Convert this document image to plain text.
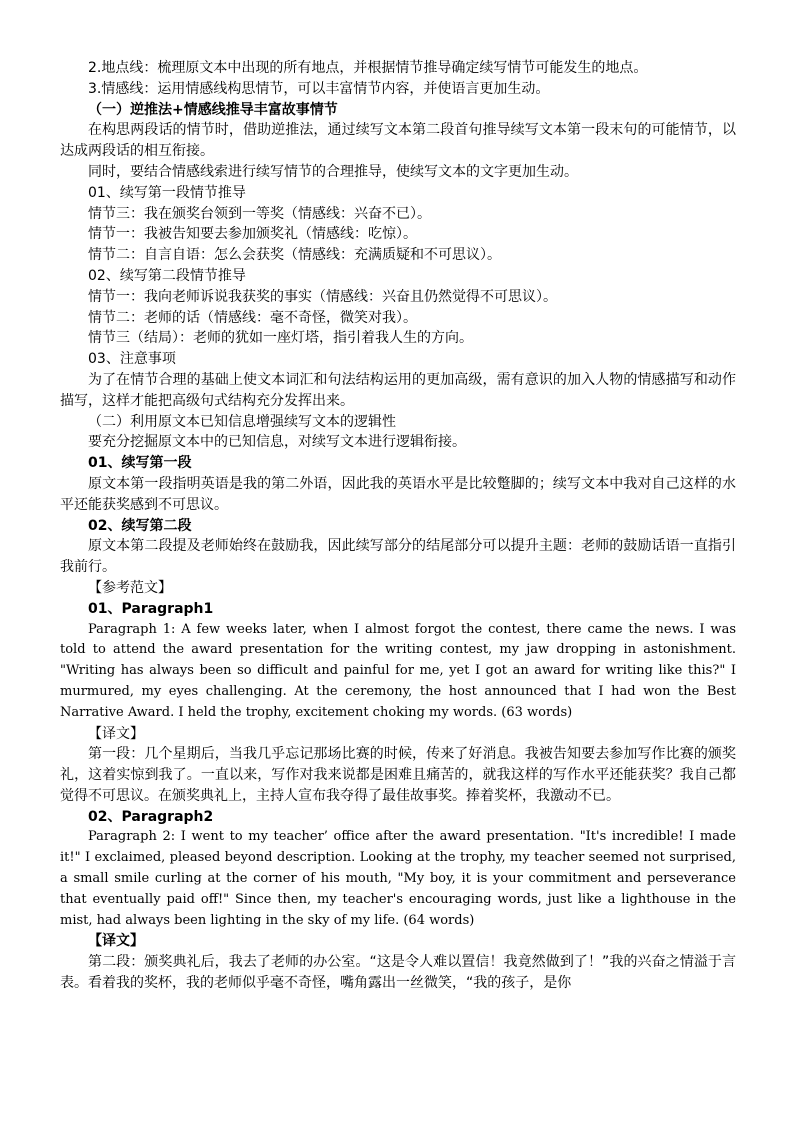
2.地点线：梳理原文本中出现的所有地点，并根据情节推导确定续写情节可能发生的地点。

3.情感线：运用情感线构思情节，可以丰富情节内容，并使语言更加生动。

（一）逆推法+情感线推导丰富故事情节

在构思两段话的情节时，借助逆推法，通过续写文本第二段首句推导续写文本第一段末句的可能情节，以达成两段话的相互衔接。

同时，要结合情感线索进行续写情节的合理推导，使续写文本的文字更加生动。

01、续写第一段情节推导

情节三：我在颁奖台领到一等奖（情感线：兴奋不已）。

情节一：我被告知要去参加颁奖礼（情感线：吃惊）。

情节二：自言自语：怎么会获奖（情感线：充满质疑和不可思议）。

02、续写第二段情节推导

情节一：我向老师诉说我获奖的事实（情感线：兴奋且仍然觉得不可思议）。

情节二：老师的话（情感线：毫不奇怪，微笑对我）。

情节三（结局）：老师的犹如一座灯塔，指引着我人生的方向。

03、注意事项

为了在情节合理的基础上使文本词汇和句法结构运用的更加高级，需有意识的加入人物的情感描写和动作描写，这样才能把高级句式结构充分发挥出来。

（二）利用原文本已知信息增强续写文本的逻辑性

要充分挖掘原文本中的已知信息，对续写文本进行逻辑衔接。

01、续写第一段

原文本第一段指明英语是我的第二外语，因此我的英语水平是比较蹩脚的；续写文本中我对自己这样的水平还能获奖感到不可思议。

02、续写第二段

原文本第二段提及老师始终在鼓励我，因此续写部分的结尾部分可以提升主题：老师的鼓励话语一直指引我前行。

【参考范文】

01、Paragraph1

Paragraph 1: A few weeks later, when I almost forgot the contest, there came the news. I was told to attend the award presentation for the writing contest, my jaw dropping in astonishment. "Writing has always been so difficult and painful for me, yet I got an award for writing like this?" I murmured, my eyes challenging. At the ceremony, the host announced that I had won the Best Narrative Award. I held the trophy, excitement choking my words. (63 words)

【译文】

第一段：几个星期后，当我几乎忘记那场比赛的时候，传来了好消息。我被告知要去参加写作比赛的颁奖礼，这着实惊到我了。一直以来，写作对我来说都是困难且痛苦的，就我这样的写作水平还能获奖？我自己都觉得不可思议。在颁奖典礼上，主持人宣布我夺得了最佳故事奖。捧着奖杯，我激动不已。

02、Paragraph2

Paragraph 2: I went to my teacher’ office after the award presentation. "It's incredible! I made it!" I exclaimed, pleased beyond description. Looking at the trophy, my teacher seemed not surprised, a small smile curling at the corner of his mouth, "My boy, it is your commitment and perseverance that eventually paid off!" Since then, my teacher's encouraging words, just like a lighthouse in the mist, had always been lighting in the sky of my life. (64 words)

【译文】

第二段：颁奖典礼后，我去了老师的办公室。“这是令人难以置信！我竟然做到了！”我的兴奋之情溢于言表。看着我的奖杯，我的老师似乎毫不奇怪，嘴角露出一丝微笑，“我的孩子，是你
